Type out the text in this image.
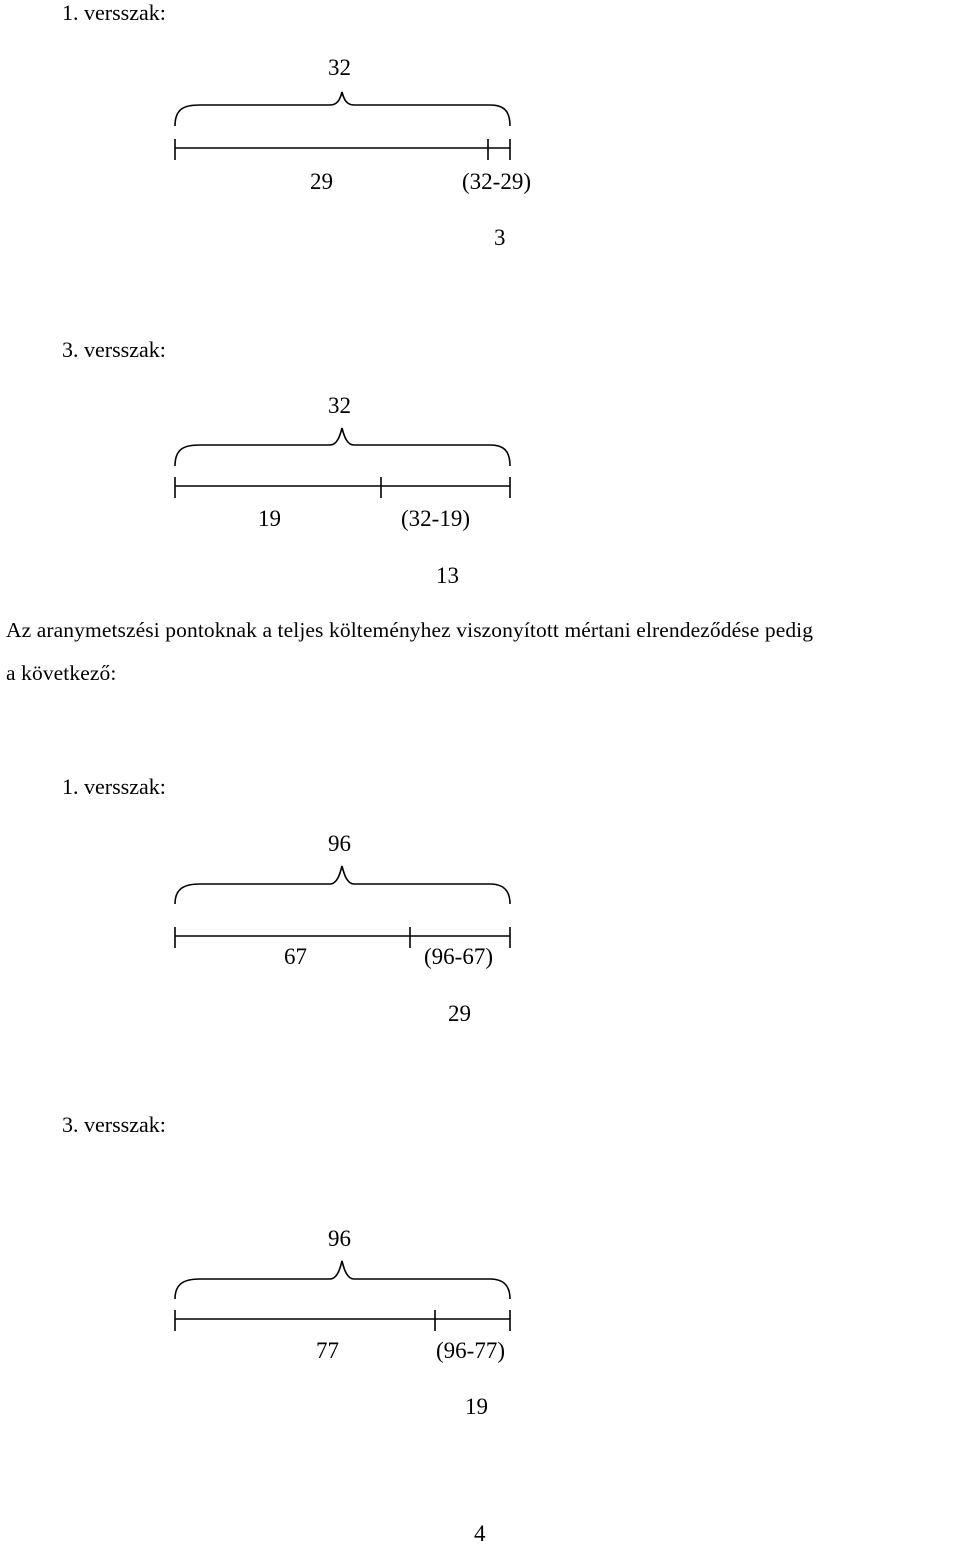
1. versszak:
32
29	(32-29)
3
3. versszak:
32
19	(32-19)
13
Az aranymetszési pontoknak a teljes költeményhez viszonyított mértani elrendeződése pedig
a következő:
1. versszak:
96
67	(96-67)
29
3. versszak:
96
77	(96-77)
19
4
